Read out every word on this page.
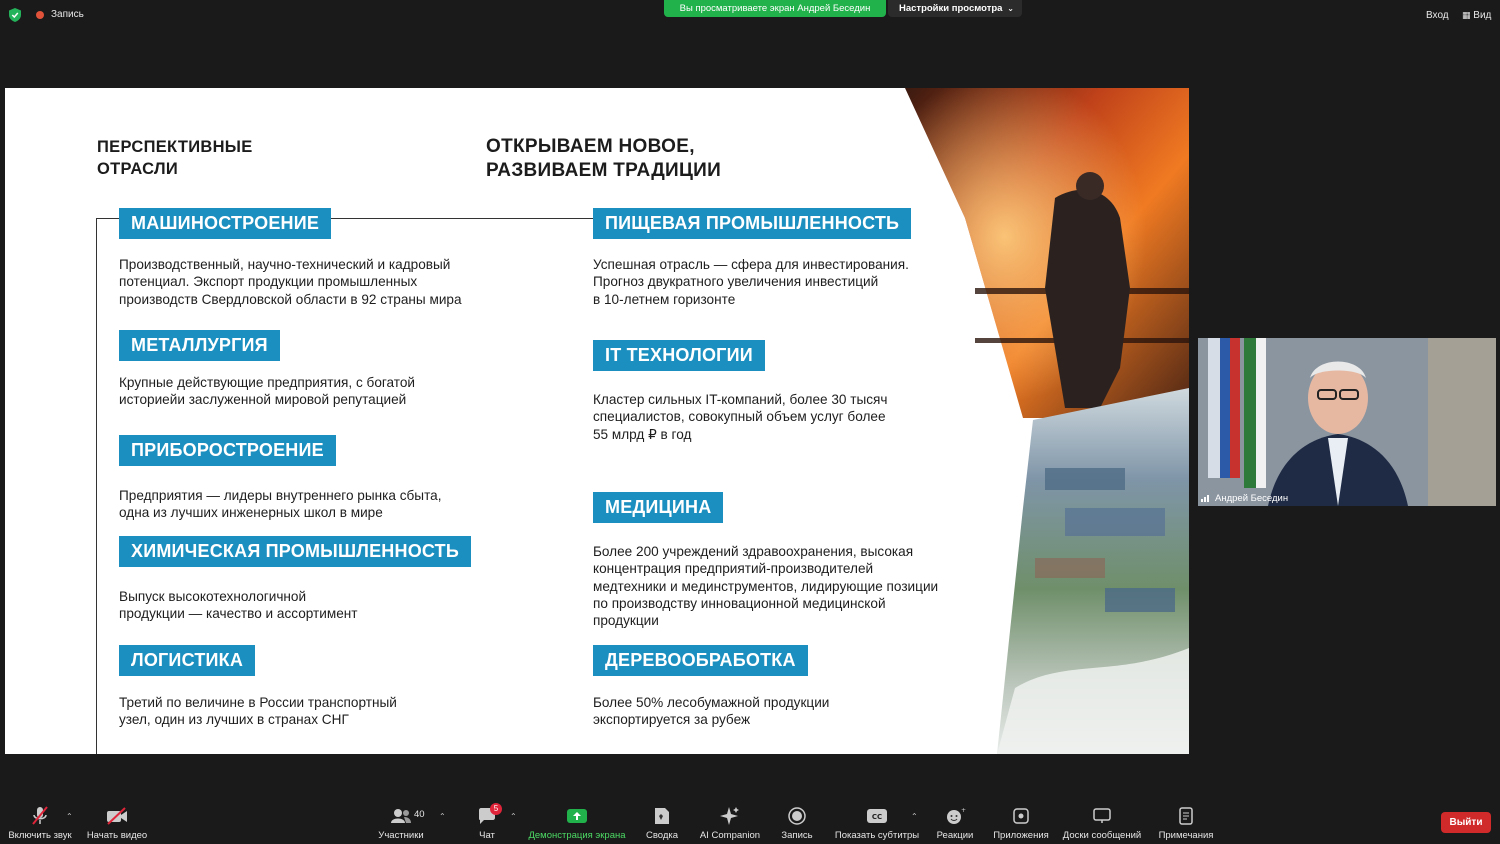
Запись
Вы просматриваете экран Андрей Беседин	Настройки просмотра ⌄
Вход ▦ Вид
ПЕРСПЕКТИВНЫЕ
ОТРАСЛИ
ОТКРЫВАЕМ НОВОЕ,
РАЗВИВАЕМ ТРАДИЦИИ
МАШИНОСТРОЕНИЕ
Производственный, научно-технический и кадровый
потенциал. Экспорт продукции промышленных
производств Свердловской области в 92 страны мира
МЕТАЛЛУРГИЯ
Крупные действующие предприятия, с богатой
историейи заслуженной мировой репутацией
ПРИБОРОСТРОЕНИЕ
Предприятия — лидеры внутреннего рынка сбыта,
одна из лучших инженерных школ в мире
ХИМИЧЕСКАЯ ПРОМЫШЛЕННОСТЬ
Выпуск высокотехнологичной
продукции — качество и ассортимент
ЛОГИСТИКА
Третий по величине в России транспортный
узел, один из лучших в странах СНГ
ПИЩЕВАЯ ПРОМЫШЛЕННОСТЬ
Успешная отрасль — сфера для инвестирования.
Прогноз двукратного увеличения инвестиций
в 10-летнем горизонте
IT ТЕХНОЛОГИИ
Кластер сильных IT-компаний, более 30 тысяч
специалистов, совокупный объем услуг более
55 млрд ₽ в год
МЕДИЦИНА
Более 200 учреждений здравоохранения, высокая
концентрация предприятий-производителей
медтехники и мединструментов, лидирующие позиции
по производству инновационной медицинской
продукции
ДЕРЕВООБРАБОТКА
Более 50% лесобумажной продукции
экспортируется за рубеж
Андрей Беседин
Включить звук
⌃
Начать видео	Участники
40 ⌃
Чат
5
⌃
Демонстрация экрана	Сводка	AI Companion	Запись
CC
Показать субтитры
⌃
+
Реакции	Приложения	Доски сообщений	Примечания
Выйти
